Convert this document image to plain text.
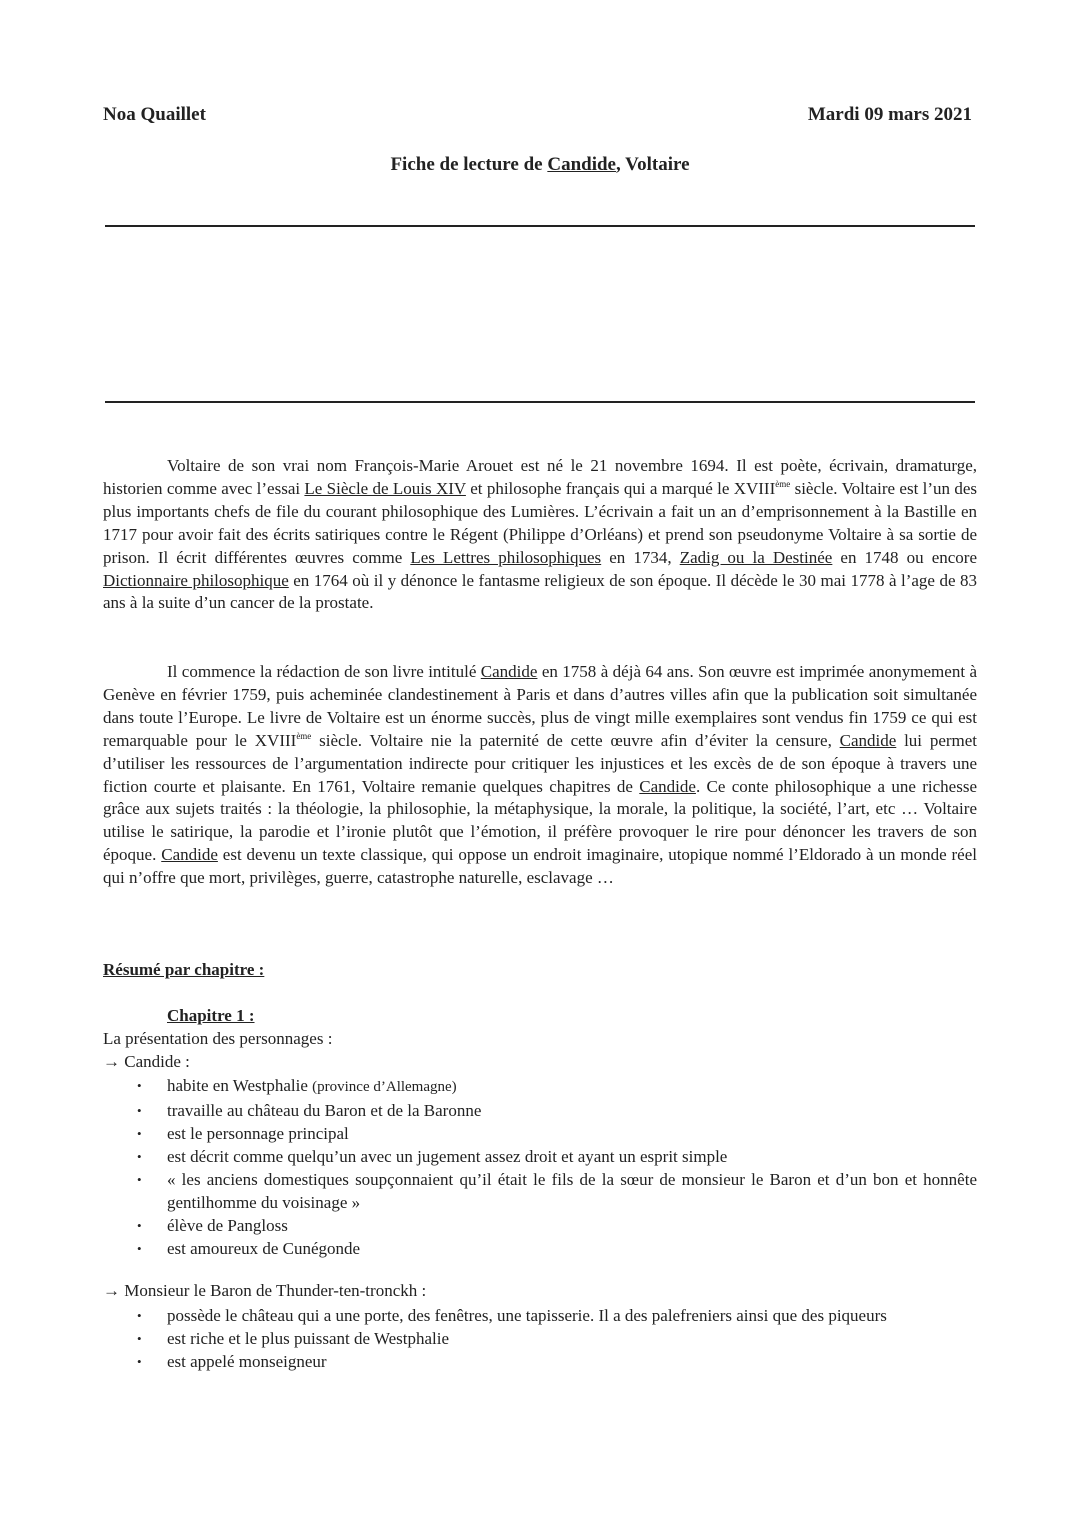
Noa Quaillet	Mardi 09 mars 2021
Fiche de lecture de Candide, Voltaire

Voltaire de son vrai nom François-Marie Arouet est né le 21 novembre 1694. Il est poète, écrivain, dramaturge, historien comme avec l’essai Le Siècle de Louis XIV et philosophe français qui a marqué le XVIIIème siècle. Voltaire est l’un des plus importants chefs de file du courant philosophique des Lumières. L’écrivain a fait un an d’emprisonnement à la Bastille en 1717 pour avoir fait des écrits satiriques contre le Régent (Philippe d’Orléans) et prend son pseudonyme Voltaire à sa sortie de prison. Il écrit différentes œuvres comme Les Lettres philosophiques en 1734, Zadig ou la Destinée en 1748 ou encore Dictionnaire philosophique en 1764 où il y dénonce le fantasme religieux de son époque. Il décède le 30 mai 1778 à l’age de 83 ans à la suite d’un cancer de la prostate.

Il commence la rédaction de son livre intitulé Candide en 1758 à déjà 64 ans. Son œuvre est imprimée anonymement à Genève en février 1759, puis acheminée clandestinement à Paris et dans d’autres villes afin que la publication soit simultanée dans toute l’Europe. Le livre de Voltaire est un énorme succès, plus de vingt mille exemplaires sont vendus fin 1759 ce qui est remarquable pour le XVIIIème siècle. Voltaire nie la paternité de cette œuvre afin d’éviter la censure, Candide lui permet d’utiliser les ressources de l’argumentation indirecte pour critiquer les injustices et les excès de de son époque à travers une fiction courte et plaisante. En 1761, Voltaire remanie quelques chapitres de Candide. Ce conte philosophique a une richesse grâce aux sujets traités : la théologie, la philosophie, la métaphysique, la morale, la politique, la société, l’art, etc … Voltaire utilise le satirique, la parodie et l’ironie plutôt que l’émotion, il préfère provoquer le rire pour dénoncer les travers de son époque. Candide est devenu un texte classique, qui oppose un endroit imaginaire, utopique nommé l’Eldorado à un monde réel qui n’offre que mort, privilèges, guerre, catastrophe naturelle, esclavage …

Résumé par chapitre :
Chapitre 1 :
La présentation des personnages :
→ Candide :
• habite en Westphalie (province d’Allemagne)
• travaille au château du Baron et de la Baronne
• est le personnage principal
• est décrit comme quelqu’un avec un jugement assez droit et ayant un esprit simple
• « les anciens domestiques soupçonnaient qu’il était le fils de la sœur de monsieur le Baron et d’un bon et honnête gentilhomme du voisinage »
• élève de Pangloss
• est amoureux de Cunégonde
→ Monsieur le Baron de Thunder-ten-tronckh :
• possède le château qui a une porte, des fenêtres, une tapisserie. Il a des palefreniers ainsi que des piqueurs
• est riche et le plus puissant de Westphalie
• est appelé monseigneur
